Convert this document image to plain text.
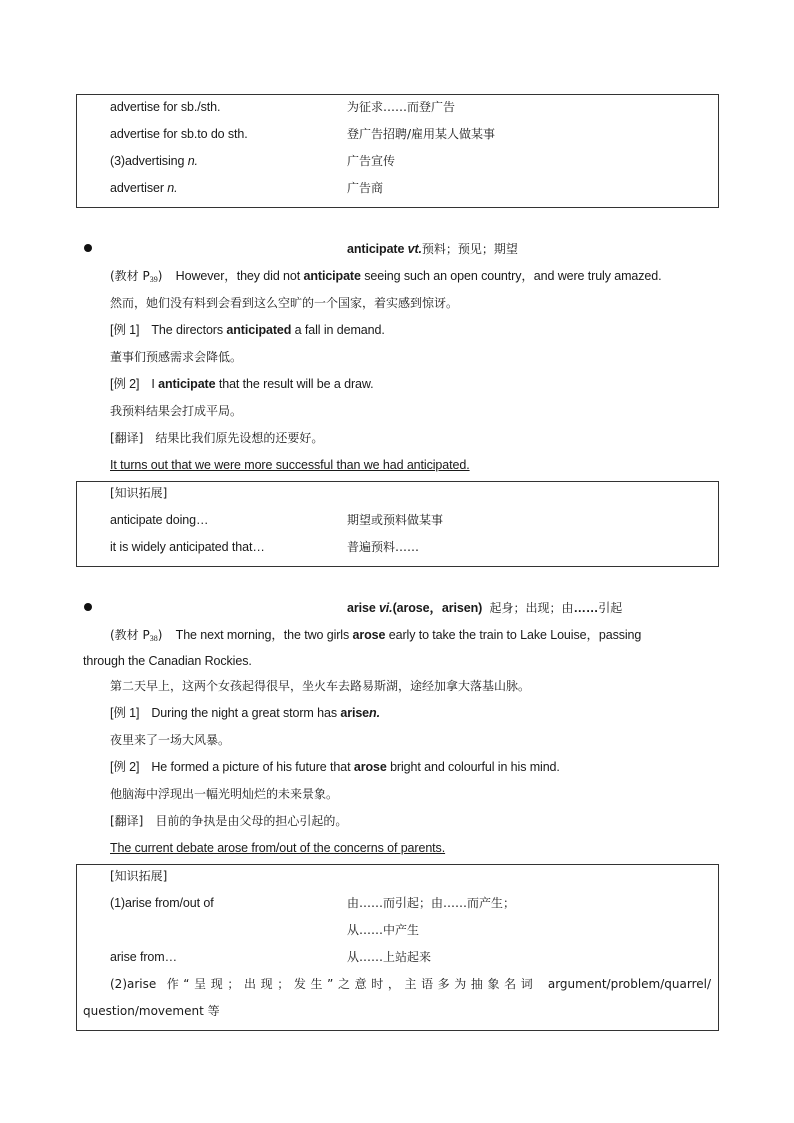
advertise for sb./sth.	为征求……而登广告
advertise for sb.to do sth.	登广告招聘/雇用某人做某事
(3)advertising n.	广告宣传
advertiser n.	广告商
anticipate vt.预料；预见；期望
(教材 $P_{39}$) However，they did not anticipate seeing such an open country，and were truly amazed.
然而，她们没有料到会看到这么空旷的一个国家，着实感到惊讶。
[例 1] The directors anticipated a fall in demand.
董事们预感需求会降低。
[例 2] I anticipate that the result will be a draw.
我预料结果会打成平局。
[翻译] 结果比我们原先设想的还要好。
It turns out that we were more successful than we had anticipated.
[知识拓展]
anticipate doing…	期望或预料做某事
it is widely anticipated that…	普遍预料……
arise vi.(arose，arisen) 起身；出现；由……引起
(教材 $P_{38}$) The next morning，the two girls arose early to take the train to Lake Louise，passing
through the Canadian Rockies.
第二天早上，这两个女孩起得很早，坐火车去路易斯湖，途经加拿大落基山脉。
[例 1] During the night a great storm has arisen.
夜里来了一场大风暴。
[例 2] He formed a picture of his future that arose bright and colourful in his mind.
他脑海中浮现出一幅光明灿烂的未来景象。
[翻译] 目前的争执是由父母的担心引起的。
The current debate arose from/out of the concerns of parents.
[知识拓展]
(1)arise from/out of	由……而引起；由……而产生；
从……中产生
arise from…	从……上站起来
(2)arise 作“呈现；出现；发生”之意时，主语多为抽象名词 argument/problem/quarrel/
question/movement 等
